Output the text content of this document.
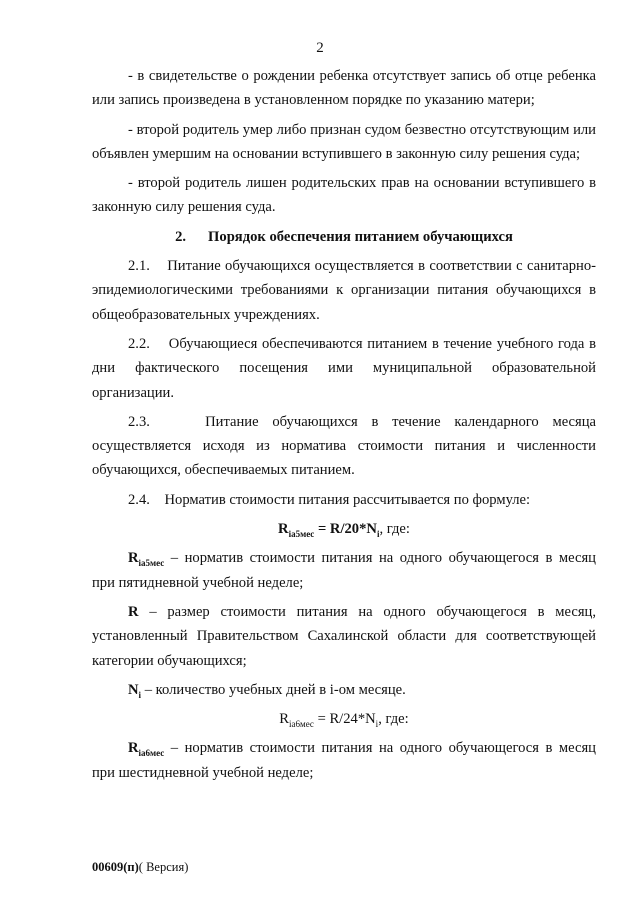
2

- в свидетельстве о рождении ребенка отсутствует запись об отце ребенка или запись произведена в установленном порядке по указанию матери;

- второй родитель умер либо признан судом безвестно отсутствующим или объявлен умершим на основании вступившего в законную силу решения суда;

- второй родитель лишен родительских прав на основании вступившего в законную силу решения суда.

2. Порядок обеспечения питанием обучающихся

2.1. Питание обучающихся осуществляется в соответствии с санитарно-эпидемиологическими требованиями к организации питания обучающихся в общеобразовательных учреждениях.

2.2. Обучающиеся обеспечиваются питанием в течение учебного года в дни фактического посещения ими муниципальной образовательной организации.

2.3.	Питание обучающихся в течение календарного месяца осуществляется исходя из норматива стоимости питания и численности обучающихся, обеспечиваемых питанием.

2.4. Норматив стоимости питания рассчитывается по формуле:

$R_{iа5мес} = R/20*N_i$, где:

$R_{iа5мес}$ – норматив стоимости питания на одного обучающегося в месяц при пятидневной учебной неделе;

R – размер стоимости питания на одного обучающегося в месяц, установленный Правительством Сахалинской области для соответствующей категории обучающихся;

$N_i$ – количество учебных дней в i-ом месяце.

$R_{iа6мес} = R/24*N_i$, где:

$R_{iа6мес}$ – норматив стоимости питания на одного обучающегося в месяц при шестидневной учебной неделе;

00609(п)( Версия)
